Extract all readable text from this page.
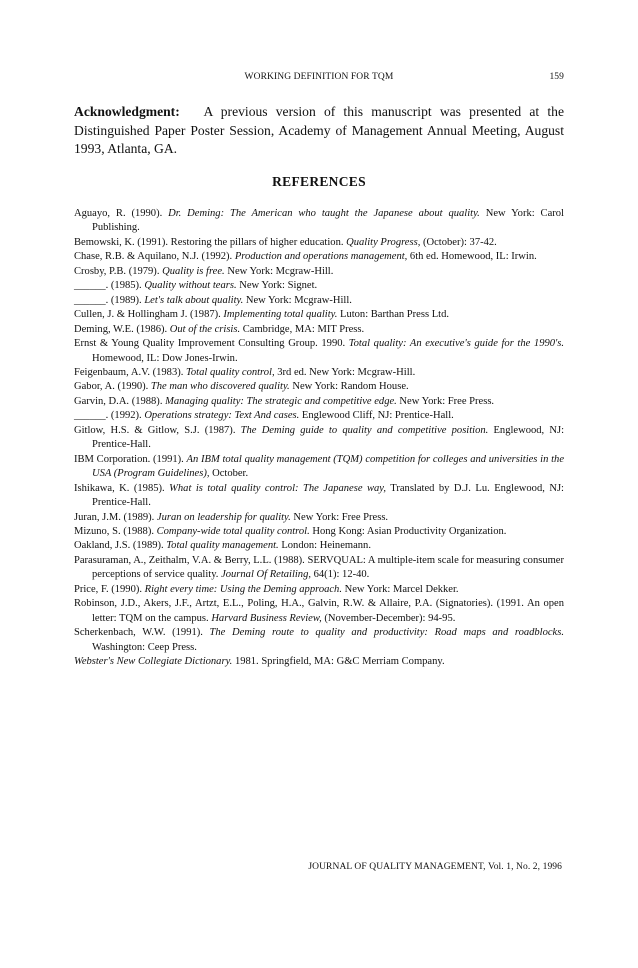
WORKING DEFINITION FOR TQM	159

Acknowledgment: A previous version of this manuscript was presented at the Distinguished Paper Poster Session, Academy of Management Annual Meeting, August 1993, Atlanta, GA.

REFERENCES
Aguayo, R. (1990). Dr. Deming: The American who taught the Japanese about quality. New York: Carol Publishing.
Bemowski, K. (1991). Restoring the pillars of higher education. Quality Progress, (October): 37-42.
Chase, R.B. & Aquilano, N.J. (1992). Production and operations management, 6th ed. Homewood, IL: Irwin.
Crosby, P.B. (1979). Quality is free. New York: Mcgraw-Hill.
______. (1985). Quality without tears. New York: Signet.
______. (1989). Let's talk about quality. New York: Mcgraw-Hill.
Cullen, J. & Hollingham J. (1987). Implementing total quality. Luton: Barthan Press Ltd.
Deming, W.E. (1986). Out of the crisis. Cambridge, MA: MIT Press.
Ernst & Young Quality Improvement Consulting Group. 1990. Total quality: An executive's guide for the 1990's. Homewood, IL: Dow Jones-Irwin.
Feigenbaum, A.V. (1983). Total quality control, 3rd ed. New York: Mcgraw-Hill.
Gabor, A. (1990). The man who discovered quality. New York: Random House.
Garvin, D.A. (1988). Managing quality: The strategic and competitive edge. New York: Free Press.
______. (1992). Operations strategy: Text And cases. Englewood Cliff, NJ: Prentice-Hall.
Gitlow, H.S. & Gitlow, S.J. (1987). The Deming guide to quality and competitive position. Englewood, NJ: Prentice-Hall.
IBM Corporation. (1991). An IBM total quality management (TQM) competition for colleges and universities in the USA (Program Guidelines), October.
Ishikawa, K. (1985). What is total quality control: The Japanese way, Translated by D.J. Lu. Englewood, NJ: Prentice-Hall.
Juran, J.M. (1989). Juran on leadership for quality. New York: Free Press.
Mizuno, S. (1988). Company-wide total quality control. Hong Kong: Asian Productivity Organization.
Oakland, J.S. (1989). Total quality management. London: Heinemann.
Parasuraman, A., Zeithalm, V.A. & Berry, L.L. (1988). SERVQUAL: A multiple-item scale for measuring consumer perceptions of service quality. Journal Of Retailing, 64(1): 12-40.
Price, F. (1990). Right every time: Using the Deming approach. New York: Marcel Dekker.
Robinson, J.D., Akers, J.F., Artzt, E.L., Poling, H.A., Galvin, R.W. & Allaire, P.A. (Signatories). (1991. An open letter: TQM on the campus. Harvard Business Review, (November-December): 94-95.
Scherkenbach, W.W. (1991). The Deming route to quality and productivity: Road maps and roadblocks. Washington: Ceep Press.
Webster's New Collegiate Dictionary. 1981. Springfield, MA: G&C Merriam Company.
JOURNAL OF QUALITY MANAGEMENT, Vol. 1, No. 2, 1996
